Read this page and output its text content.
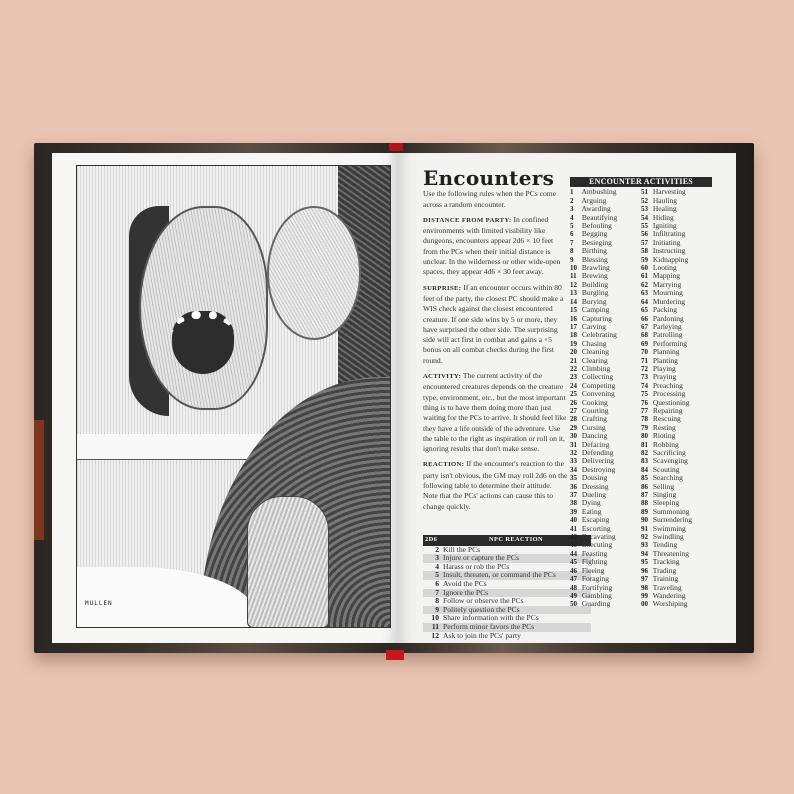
MULLEN
Encounters

Use the following rules when the PCs come across a random encounter.

DISTANCE FROM PARTY: In confined environments with limited visibility like dungeons, encounters appear 2d6 × 10 feet from the PCs when their initial distance is unclear. In the wilderness or other wide-open spaces, they appear 4d6 × 30 feet away.

SURPRISE: If an encounter occurs within 80 feet of the party, the closest PC should make a WIS check against the closest encountered creature. If one side wins by 5 or more, they have surprised the other side. The surprising side will act first in combat and gains a +5 bonus on all combat checks during the first round.

ACTIVITY: The current activity of the encountered creatures depends on the creature type, environment, etc., but the most important thing is to have them doing more than just waiting for the PCs to arrive. It should feel like they have a life outside of the adventure. Use the table to the right as inspiration or roll on it, ignoring results that don't make sense.

REACTION: If the encounter's reaction to the party isn't obvious, the GM may roll 2d6 on the following table to determine their attitude. Note that the PCs' actions can cause this to change quickly.

2D6	NPC REACTION
2	Kill the PCs
3	Injure or capture the PCs
4	Harass or rob the PCs
5	Insult, threaten, or command the PCs
6	Avoid the PCs
7	Ignore the PCs
8	Follow or observe the PCs
9	Politely question the PCs
10	Share information with the PCs
11	Perform minor favors the PCs
12	Ask to join the PCs' party
ENCOUNTER ACTIVITIES
1 Ambushing
2 Arguing
3 Awarding
4 Beautifying
5 Befouling
6 Begging
7 Besieging
8 Birthing
9 Blessing
10 Brawling
11 Brewing
12 Building
13 Burgling
14 Burying
15 Camping
16 Capturing
17 Carving
18 Celebrating
19 Chasing
20 Cleaning
21 Clearing
22 Climbing
23 Collecting
24 Competing
25 Convening
26 Cooking
27 Courting
28 Crafting
29 Cursing
30 Dancing
31 Defacing
32 Defending
33 Delivering
34 Destroying
35 Dousing
36 Dressing
37 Dueling
38 Dying
39 Eating
40 Escaping
41 Escorting
42 Excavating
43 Executing
44 Feasting
45 Fighting
46 Fleeing
47 Foraging
48 Fortifying
49 Gambling
50 Guarding
51 Harvesting
52 Hauling
53 Healing
54 Hiding
55 Igniting
56 Infiltrating
57 Initiating
58 Instructing
59 Kidnapping
60 Looting
61 Mapping
62 Marrying
63 Mourning
64 Murdering
65 Packing
66 Pardoning
67 Parleying
68 Patrolling
69 Performing
70 Planning
71 Planting
72 Playing
73 Praying
74 Preaching
75 Processing
76 Questioning
77 Repairing
78 Rescuing
79 Resting
80 Rioting
81 Robbing
82 Sacrificing
83 Scavenging
84 Scouting
85 Searching
86 Selling
87 Singing
88 Sleeping
89 Summoning
90 Surrendering
91 Swimming
92 Swindling
93 Tending
94 Threatening
95 Tracking
96 Trading
97 Training
98 Traveling
99 Wandering
00 Worshiping
